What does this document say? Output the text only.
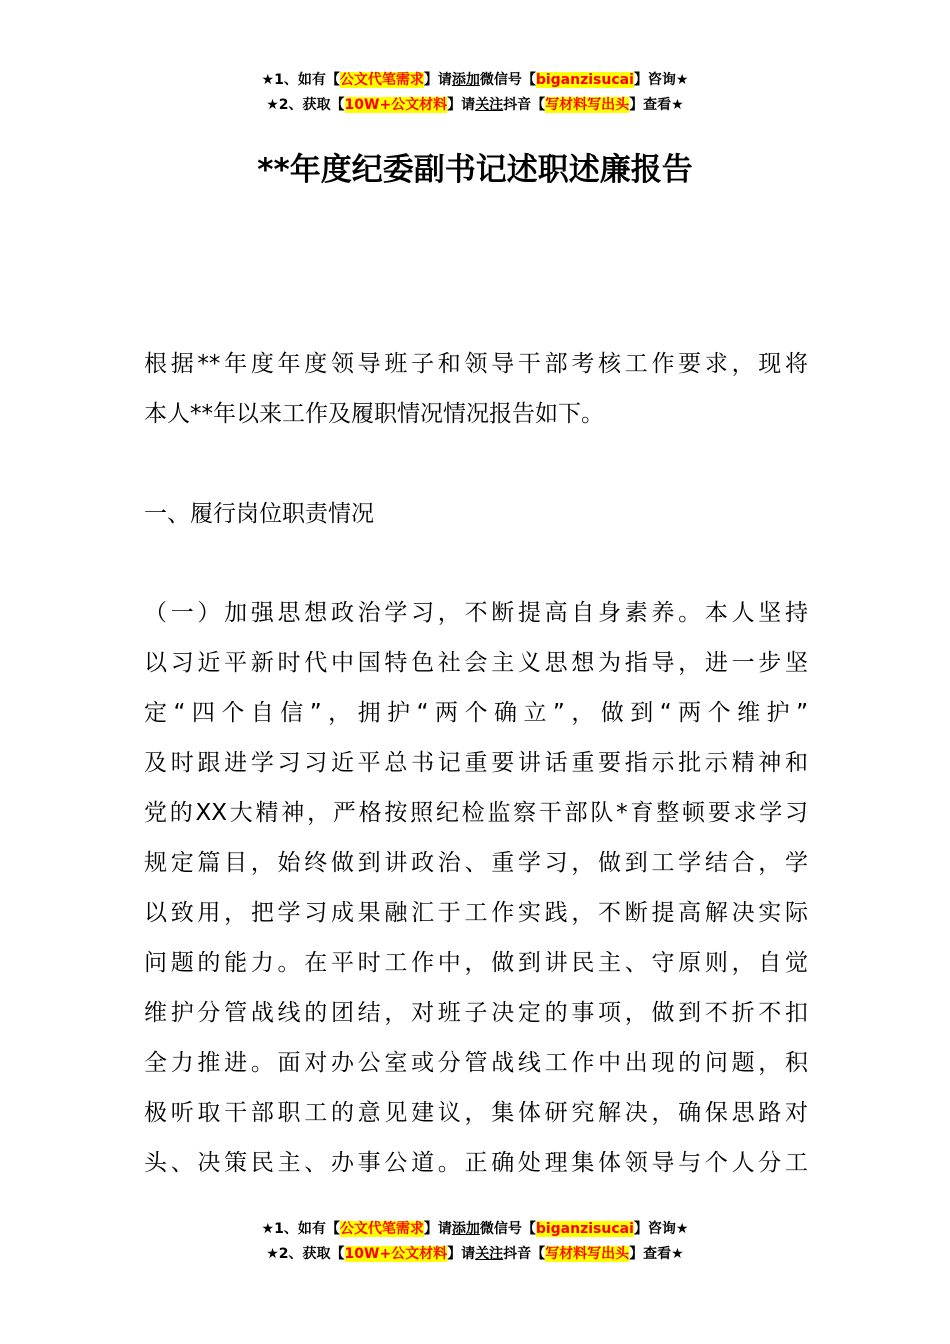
★1、如有【公文代笔需求】请添加微信号【biganzisucai】咨询★
★2、获取【10W+公文材料】请关注抖音【写材料写出头】查看★
**年度纪委副书记述职述廉报告
根据**年度年度领导班子和领导干部考核工作要求，现将
本人**年以来工作及履职情况情况报告如下。
一、履行岗位职责情况
（一）加强思想政治学习，不断提高自身素养。本人坚持
以习近平新时代中国特色社会主义思想为指导，进一步坚
定“四个自信”，拥护“两个确立”，做到“两个维护”
及时跟进学习习近平总书记重要讲话重要指示批示精神和
党的XX大精神，严格按照纪检监察干部队*育整顿要求学习
规定篇目，始终做到讲政治、重学习，做到工学结合，学
以致用，把学习成果融汇于工作实践，不断提高解决实际
问题的能力。在平时工作中，做到讲民主、守原则，自觉
维护分管战线的团结，对班子决定的事项，做到不折不扣
全力推进。面对办公室或分管战线工作中出现的问题，积
极听取干部职工的意见建议，集体研究解决，确保思路对
头、决策民主、办事公道。正确处理集体领导与个人分工
★1、如有【公文代笔需求】请添加微信号【biganzisucai】咨询★
★2、获取【10W+公文材料】请关注抖音【写材料写出头】查看★
